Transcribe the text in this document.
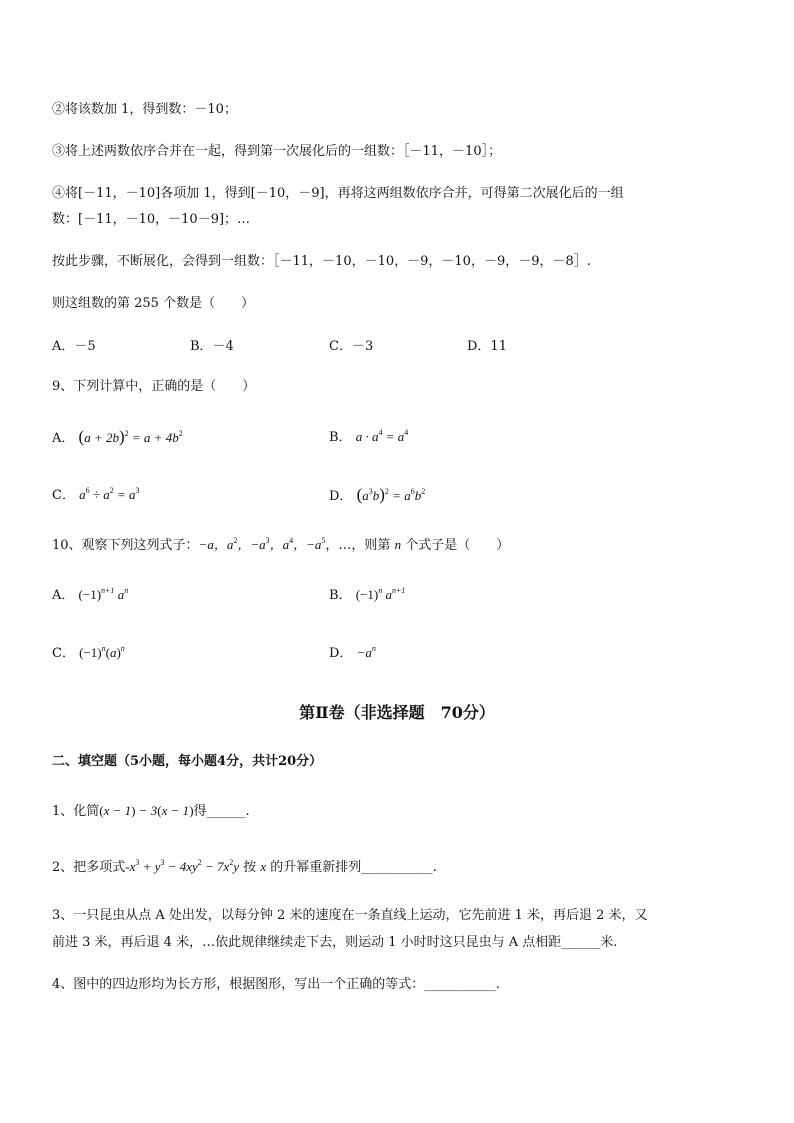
②将该数加 1，得到数：－10；
③将上述两数依序合并在一起，得到第一次展化后的一组数：［－11，－10］；
④将[－11，－10]各项加 1，得到[－10，－9]，再将这两组数依序合并，可得第二次展化后的一组
数：[－11，－10，－10－9]；…
按此步骤，不断展化，会得到一组数：［－11，－10，－10，－9，－10，－9，－9，－8］.
则这组数的第 255 个数是（　　）
A．－5	B．－4	C．－3	D．11
9、下列计算中，正确的是（　　）
A． $(a + 2b)^2 = a + 4b^2$	B． $a \cdot a^4 = a^4$
C． $a^6 \div a^2 = a^3$	D． $(a^3b)^2 = a^6b^2$
10、观察下列这列式子：−a，$a^2$，$-a^3$，$a^4$，$-a^5$，…，则第 n 个式子是（　　）
A． $(-1)^{n+1}$ $a^n$	B． $(-1)^n$ $a^{n+1}$
C． $(-1)^n(a)^n$	D． $-a^n$
第Ⅱ卷（非选择题　70分）
二、填空题（5小题，每小题4分，共计20分）
1、化简(x − 1) − 3(x − 1)得______.
2、把多项式$-x^3 + y^3 - 4xy^2 - 7x^2y$ 按 x 的升幂重新排列___________.
3、一只昆虫从点 A 处出发，以每分钟 2 米的速度在一条直线上运动，它先前进 1 米，再后退 2 米，又
前进 3 米，再后退 4 米，…依此规律继续走下去，则运动 1 小时时这只昆虫与 A 点相距______米.
4、图中的四边形均为长方形，根据图形，写出一个正确的等式：___________.
